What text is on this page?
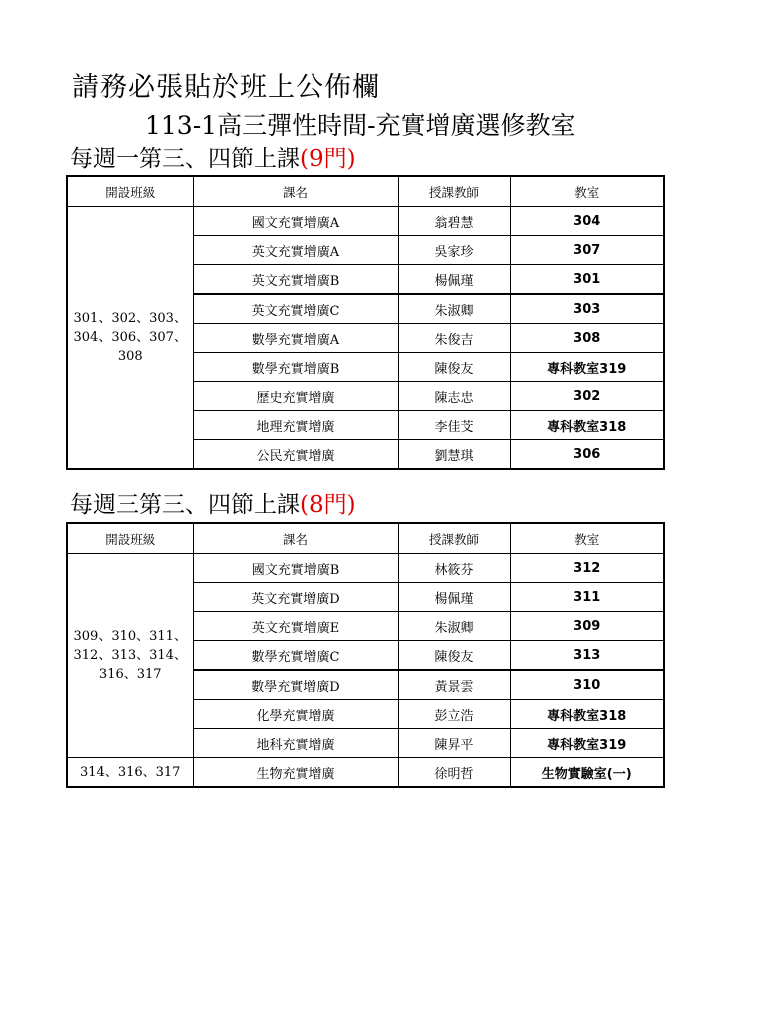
請務必張貼於班上公佈欄
113-1高三彈性時間-充實增廣選修教室
每週一第三、四節上課(9門)
開設班級	課名	授課教師	教室
301、302、303、304、306、307、308	國文充實增廣A	翁碧慧	304
	英文充實增廣A	吳家珍	307
	英文充實增廣B	楊佩瑾	301
	英文充實增廣C	朱淑卿	303
	數學充實增廣A	朱俊吉	308
	數學充實增廣B	陳俊友	專科教室319
	歷史充實增廣	陳志忠	302
	地理充實增廣	李佳芠	專科教室318
	公民充實增廣	劉慧琪	306
每週三第三、四節上課(8門)
開設班級	課名	授課教師	教室
309、310、311、312、313、314、316、317	國文充實增廣B	林筱芬	312
	英文充實增廣D	楊佩瑾	311
	英文充實增廣E	朱淑卿	309
	數學充實增廣C	陳俊友	313
	數學充實增廣D	黃景雲	310
	化學充實增廣	彭立浩	專科教室318
	地科充實增廣	陳昇平	專科教室319
314、316、317	生物充實增廣	徐明哲	生物實驗室(一)
